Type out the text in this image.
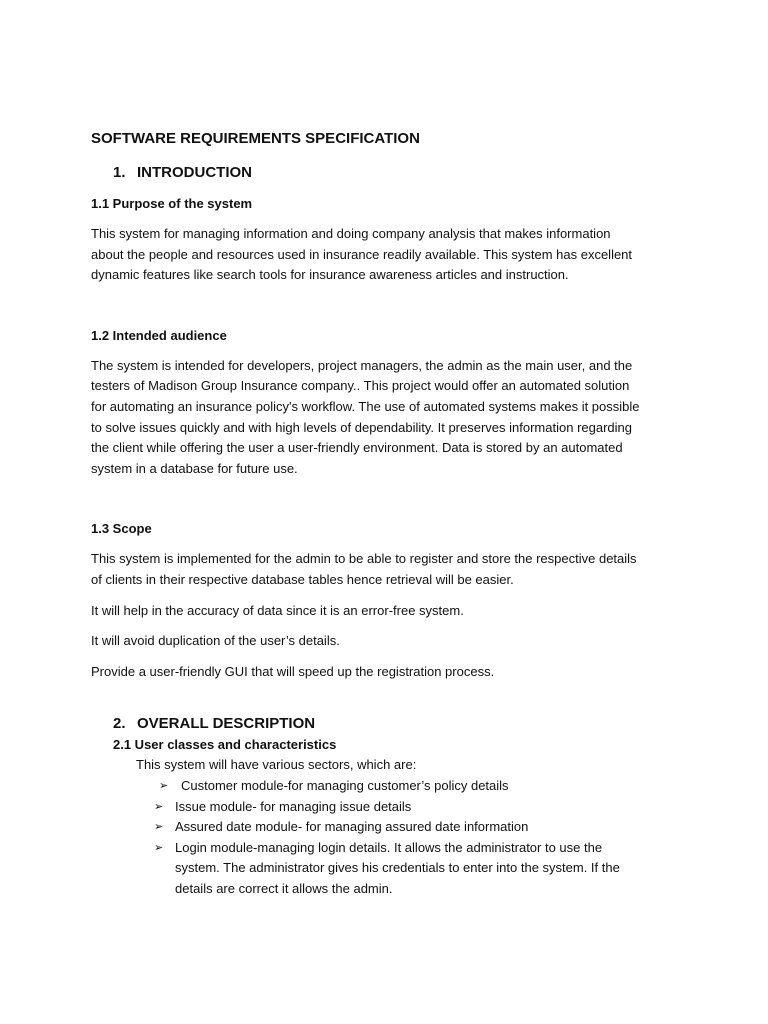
SOFTWARE REQUIREMENTS SPECIFICATION
1. INTRODUCTION
1.1 Purpose of the system
This system for managing information and doing company analysis that makes information
about the people and resources used in insurance readily available. This system has excellent
dynamic features like search tools for insurance awareness articles and instruction.
1.2 Intended audience
The system is intended for developers, project managers, the admin as the main user, and the
testers of Madison Group Insurance company.. This project would offer an automated solution
for automating an insurance policy's workflow. The use of automated systems makes it possible
to solve issues quickly and with high levels of dependability. It preserves information regarding
the client while offering the user a user-friendly environment. Data is stored by an automated
system in a database for future use.
1.3 Scope
This system is implemented for the admin to be able to register and store the respective details
of clients in their respective database tables hence retrieval will be easier.
It will help in the accuracy of data since it is an error-free system.
It will avoid duplication of the user’s details.
Provide a user-friendly GUI that will speed up the registration process.
2. OVERALL DESCRIPTION
2.1 User classes and characteristics
This system will have various sectors, which are:
➢ Customer module-for managing customer’s policy details
➢ Issue module- for managing issue details
➢ Assured date module- for managing assured date information
➢ Login module-managing login details. It allows the administrator to use the
system. The administrator gives his credentials to enter into the system. If the
details are correct it allows the admin.
